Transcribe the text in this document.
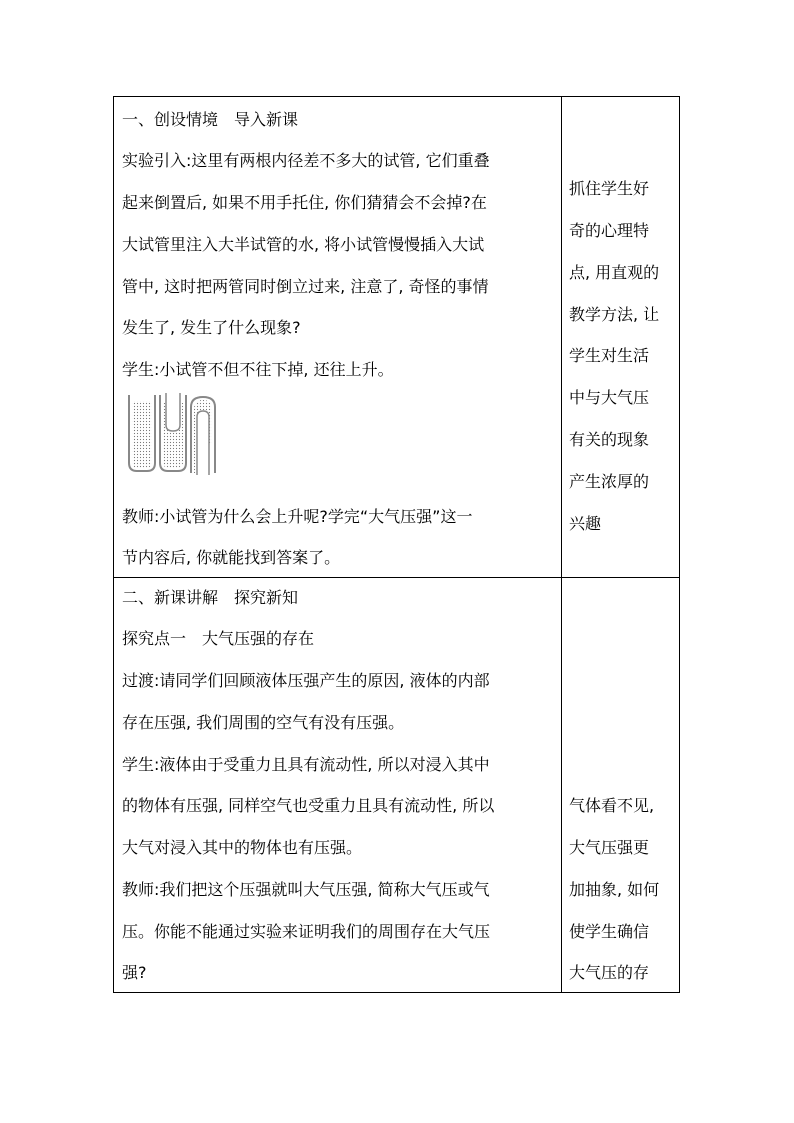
一、创设情境　导入新课
实验引入:这里有两根内径差不多大的试管, 它们重叠
起来倒置后, 如果不用手托住, 你们猜猜会不会掉?在
大试管里注入大半试管的水, 将小试管慢慢插入大试
管中, 这时把两管同时倒立过来, 注意了, 奇怪的事情
发生了, 发生了什么现象?
学生:小试管不但不往下掉, 还往上升。
教师:小试管为什么会上升呢?学完“大气压强”这一
节内容后, 你就能找到答案了。
抓住学生好
奇的心理特
点, 用直观的
教学方法, 让
学生对生活
中与大气压
有关的现象
产生浓厚的
兴趣
二、新课讲解　探究新知
探究点一　大气压强的存在
过渡:请同学们回顾液体压强产生的原因, 液体的内部
存在压强, 我们周围的空气有没有压强。
学生:液体由于受重力且具有流动性, 所以对浸入其中
的物体有压强, 同样空气也受重力且具有流动性, 所以
大气对浸入其中的物体也有压强。
教师:我们把这个压强就叫大气压强, 简称大气压或气
压。你能不能通过实验来证明我们的周围存在大气压
强?
气体看不见,
大气压强更
加抽象, 如何
使学生确信
大气压的存
